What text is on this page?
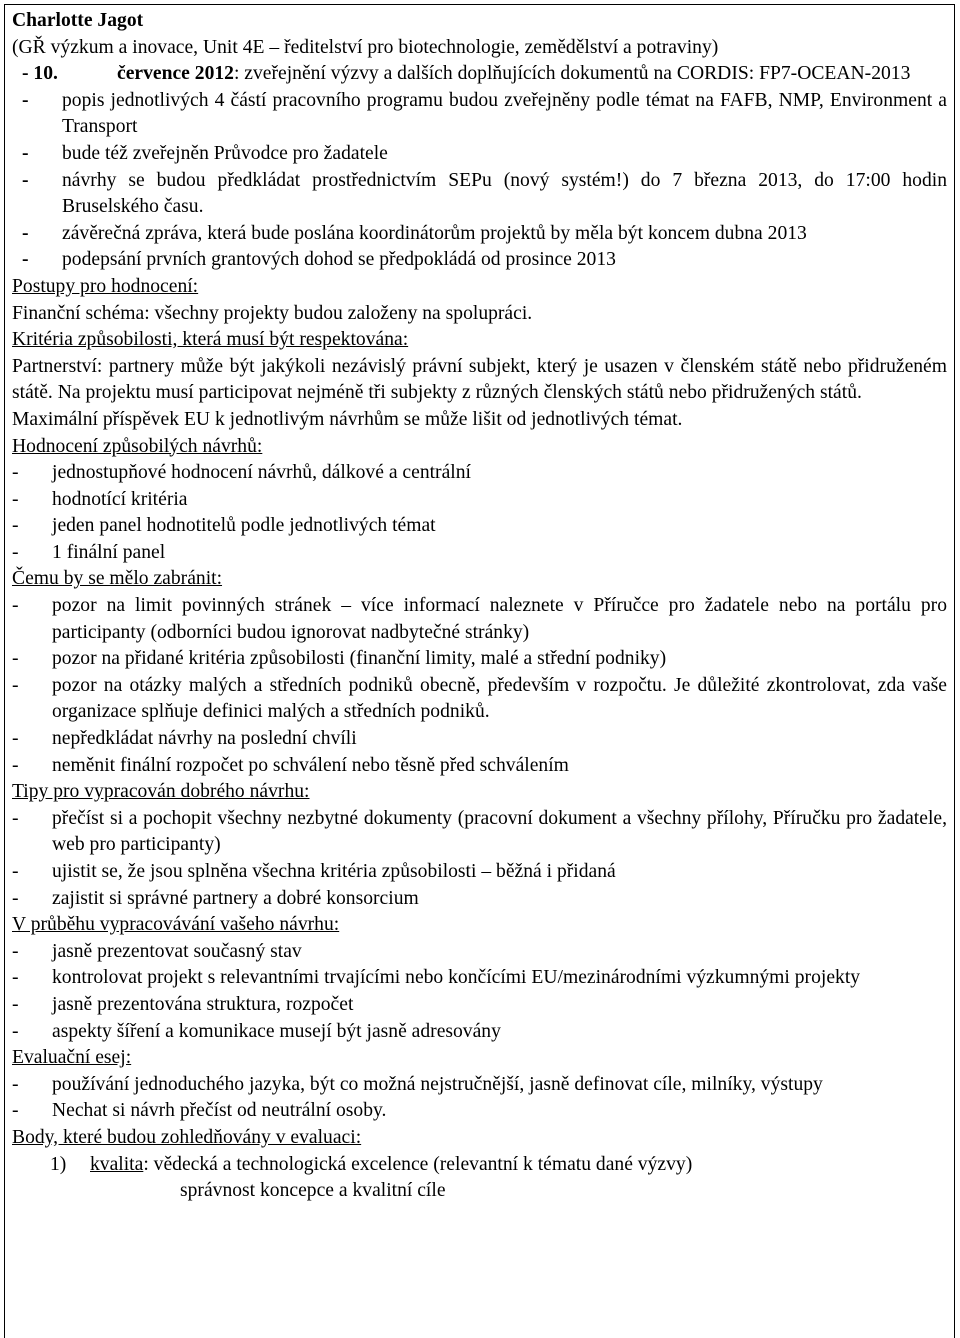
Charlotte Jagot
(GŘ výzkum a inovace, Unit 4E – ředitelství pro biotechnologie, zemědělství a potraviny)
- 10.	července 2012: zveřejnění výzvy a dalších doplňujících dokumentů na CORDIS: FP7-OCEAN-2013
-	popis jednotlivých 4 částí pracovního programu budou zveřejněny podle témat na FAFB, NMP, Environment a Transport
-	bude též zveřejněn Průvodce pro žadatele
-	návrhy se budou předkládat prostřednictvím SEPu (nový systém!) do 7 března 2013, do 17:00 hodin Bruselského času.
-	závěrečná zpráva, která bude poslána koordinátorům projektů by měla být koncem dubna 2013
-	podepsání prvních grantových dohod se předpokládá od prosince 2013
Postupy pro hodnocení:
Finanční schéma: všechny projekty budou založeny na spolupráci.
Kritéria způsobilosti, která musí být respektována:
Partnerství: partnery může být jakýkoli nezávislý právní subjekt, který je usazen v členském státě nebo přidruženém státě. Na projektu musí participovat nejméně tři subjekty z různých členských států nebo přidružených států.
Maximální příspěvek EU k jednotlivým návrhům se může lišit od jednotlivých témat.
Hodnocení způsobilých návrhů:
-	jednostupňové hodnocení návrhů, dálkové a centrální
-	hodnotící kritéria
-	jeden panel hodnotitelů podle jednotlivých témat
-	1 finální panel
Čemu by se mělo zabránit:
-	pozor na limit povinných stránek – více informací naleznete v Příručce pro žadatele nebo na portálu pro participanty (odborníci budou ignorovat nadbytečné stránky)
-	pozor na přidané kritéria způsobilosti (finanční limity, malé a střední podniky)
-	pozor na otázky malých a středních podniků obecně, především v rozpočtu. Je důležité zkontrolovat, zda vaše organizace splňuje definici malých a středních podniků.
-	nepředkládat návrhy na poslední chvíli
-	neměnit finální rozpočet po schválení nebo těsně před schválením
Tipy pro vypracován dobrého návrhu:
-	přečíst si a pochopit všechny nezbytné dokumenty (pracovní dokument a všechny přílohy, Příručku pro žadatele, web pro participanty)
-	ujistit se, že jsou splněna všechna kritéria způsobilosti – běžná i přidaná
-	zajistit si správné partnery a dobré konsorcium
V průběhu vypracovávání vašeho návrhu:
-	jasně prezentovat současný stav
-	kontrolovat projekt s relevantními trvajícími nebo končícími EU/mezinárodními výzkumnými projekty
-	jasně prezentována struktura, rozpočet
-	aspekty šíření a komunikace musejí být jasně adresovány
Evaluační esej:
-	používání jednoduchého jazyka, být co možná nejstručnější, jasně definovat cíle, milníky, výstupy
-	Nechat si návrh přečíst od neutrální osoby.
Body, které budou zohledňovány v evaluaci:
1)	kvalita: vědecká a technologická excelence (relevantní k tématu dané výzvy)
správnost koncepce a kvalitní cíle
